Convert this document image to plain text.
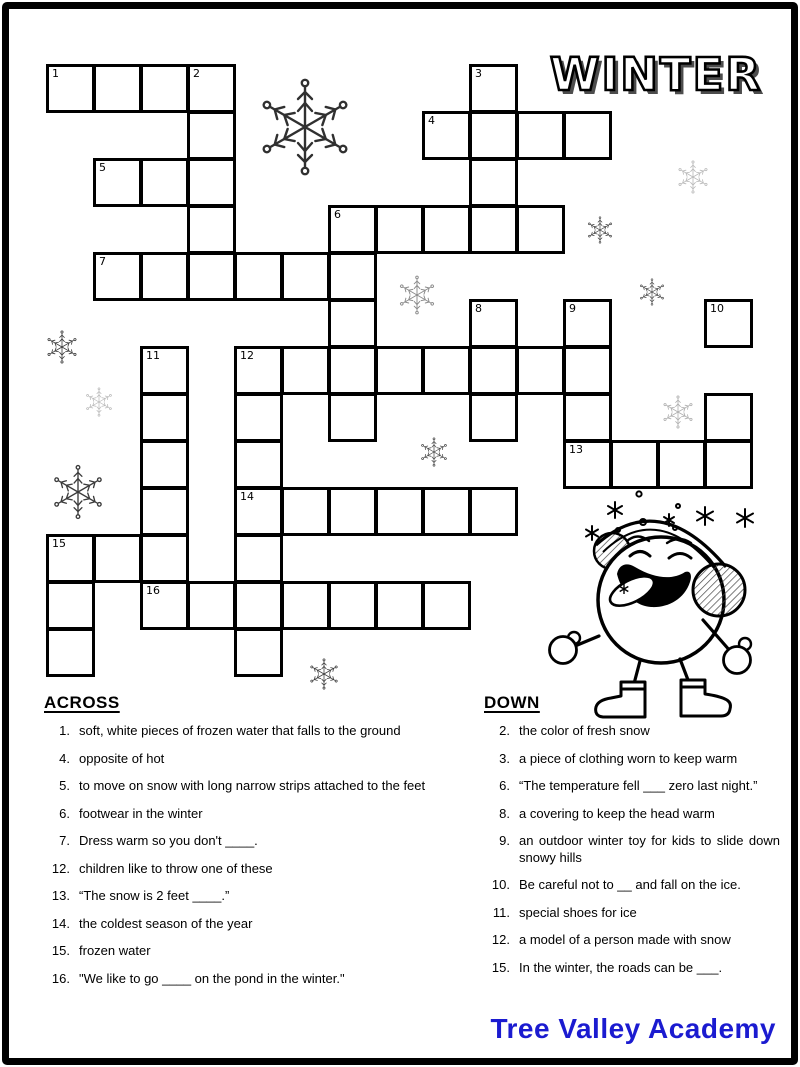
WINTER
1	2	3
4
5
6
7
8	9	10
11	12
13
14
15
16
ACROSS
1. soft, white pieces of frozen water that falls to the ground
4. opposite of hot
5. to move on snow with long narrow strips attached to the feet
6. footwear in the winter
7. Dress warm so you don't ____.
12. children like to throw one of these
13. “The snow is 2 feet ____.”
14. the coldest season of the year
15. frozen water
16. "We like to go ____ on the pond in the winter."
DOWN
2. the color of fresh snow
3. a piece of clothing worn to keep warm
6. “The temperature fell ___ zero last night.”
8. a covering to keep the head warm
9. an outdoor winter toy for kids to slide down snowy hills
10. Be careful not to __ and fall on the ice.
11. special shoes for ice
12. a model of a person made with snow
15. In the winter, the roads can be ___.
Tree Valley Academy
